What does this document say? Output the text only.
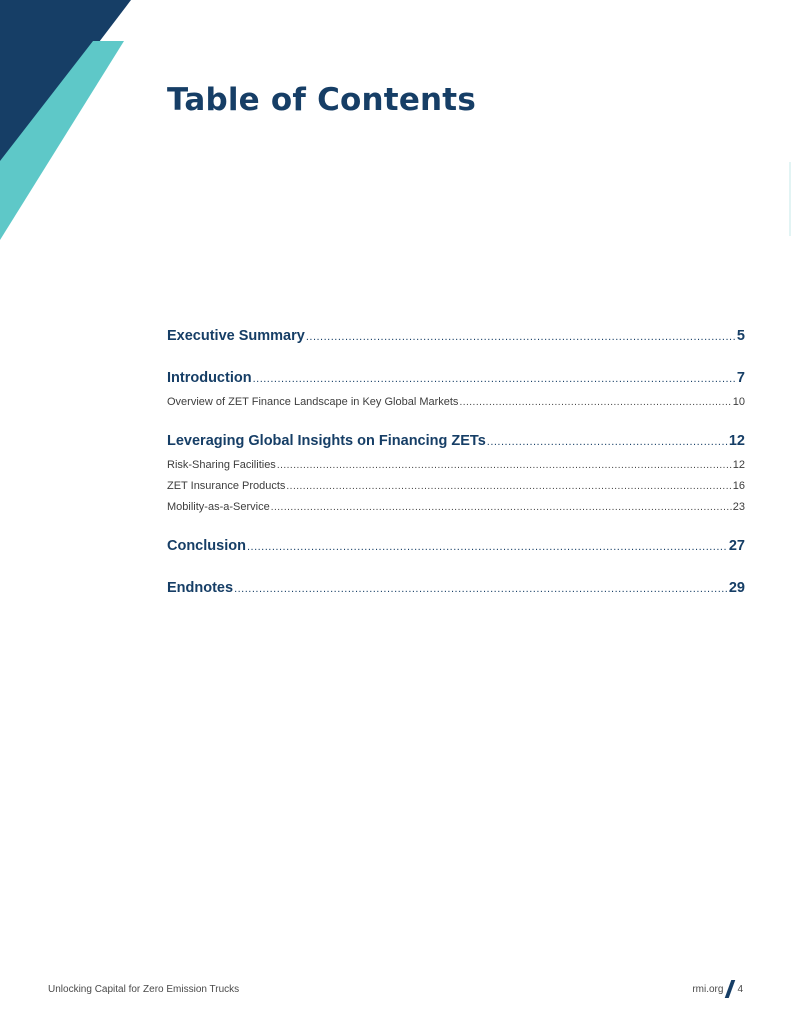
Table of Contents
Executive Summary .....	5
Introduction .....	7
Overview of ZET Finance Landscape in Key Global Markets .....	10
Leveraging Global Insights on Financing ZETs .....	12
Risk-Sharing Facilities .....	12
ZET Insurance Products .....	16
Mobility-as-a-Service .....	23
Conclusion .....	27
Endnotes .....	29
Unlocking Capital for Zero Emission Trucks	rmi.org 4
